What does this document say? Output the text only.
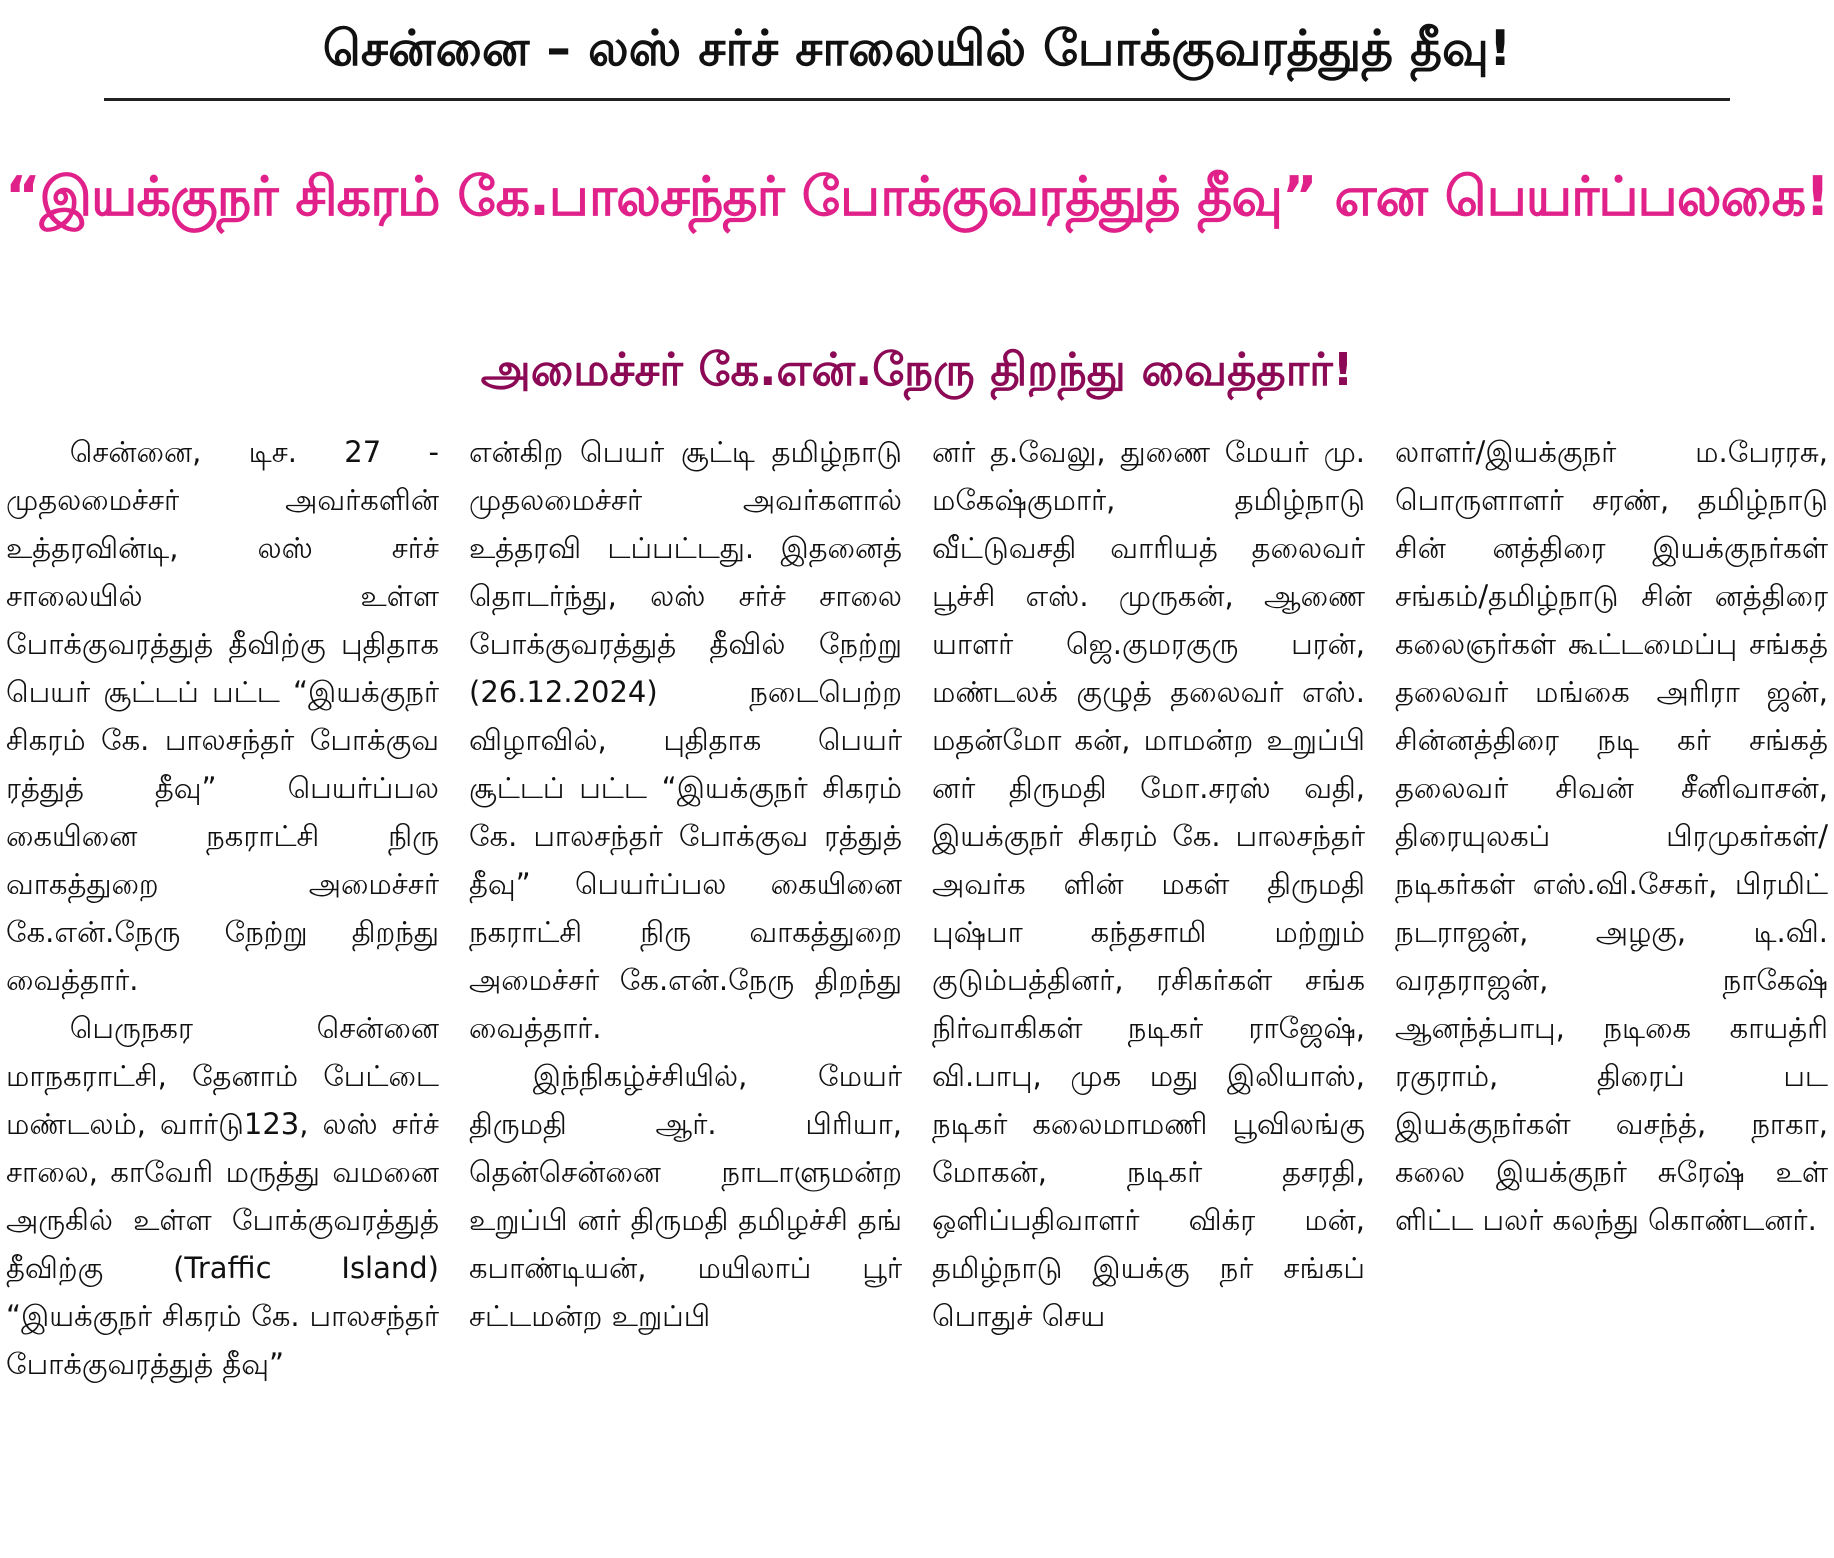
சென்னை – லஸ் சர்ச் சாலையில் போக்குவரத்துத் தீவு!
“இயக்குநர் சிகரம் கே.பாலசந்தர் போக்குவரத்துத் தீவு” என பெயர்ப்பலகை!
அமைச்சர் கே.என்.நேரு திறந்து வைத்தார்!

சென்னை, டிச. 27 - முதலமைச்சர் அவர்களின் உத்தரவின்டி, லஸ் சர்ச் சாலையில் உள்ள போக்குவரத்துத் தீவிற்கு புதிதாக பெயர் சூட்டப் பட்ட “இயக்குநர் சிகரம் கே. பாலசந்தர் போக்குவ ரத்துத் தீவு” பெயர்ப்பல கையினை நகராட்சி நிரு வாகத்துறை அமைச்சர் கே.என்.நேரு நேற்று திறந்து வைத்தார்.

பெருநகர சென்னை மாநகராட்சி, தேனாம் பேட்டை மண்டலம், வார்டு123, லஸ் சர்ச் சாலை, காவேரி மருத்து வமனை அருகில் உள்ள போக்குவரத்துத் தீவிற்கு (Traffic Island) “இயக்குநர் சிகரம் கே. பாலசந்தர் போக்குவரத்துத் தீவு”

என்கிற பெயர் சூட்டி தமிழ்நாடு முதலமைச்சர் அவர்களால் உத்தரவி டப்பட்டது. இதனைத் தொடர்ந்து, லஸ் சர்ச் சாலை போக்குவரத்துத் தீவில் நேற்று (26.12.2024) நடைபெற்ற விழாவில், புதிதாக பெயர் சூட்டப் பட்ட “இயக்குநர் சிகரம் கே. பாலசந்தர் போக்குவ ரத்துத் தீவு” பெயர்ப்பல கையினை நகராட்சி நிரு வாகத்துறை அமைச்சர் கே.என்.நேரு திறந்து வைத்தார்.

இந்நிகழ்ச்சியில், மேயர் திருமதி ஆர். பிரியா, தென்சென்னை நாடாளுமன்ற உறுப்பி னர் திருமதி தமிழச்சி தங் கபாண்டியன், மயிலாப் பூர் சட்டமன்ற உறுப்பி

னர் த.வேலு, துணை மேயர் மு. மகேஷ்குமார், தமிழ்நாடு வீட்டுவசதி வாரியத் தலைவர் பூச்சி எஸ். முருகன், ஆணை யாளர் ஜெ.குமரகுரு பரன், மண்டலக் குழுத் தலைவர் எஸ். மதன்மோ கன், மாமன்ற உறுப்பி னர் திருமதி மோ.சரஸ் வதி, இயக்குநர் சிகரம் கே. பாலசந்தர் அவர்க ளின் மகள் திருமதி புஷ்பா கந்தசாமி மற்றும் குடும்பத்தினர், ரசிகர்கள் சங்க நிர்வாகிகள் நடிகர் ராஜேஷ், வி.பாபு, முக மது இலியாஸ், நடிகர் கலைமாமணி பூவிலங்கு மோகன், நடிகர் தசரதி, ஒளிப்பதிவாளர் விக்ர மன், தமிழ்நாடு இயக்கு நர் சங்கப் பொதுச் செய

லாளர்/இயக்குநர் ம.பேரரசு, பொருளாளர் சரண், தமிழ்நாடு சின் னத்திரை இயக்குநர்கள் சங்கம்/தமிழ்நாடு சின் னத்திரை கலைஞர்கள் கூட்டமைப்பு சங்கத் தலைவர் மங்கை அரிரா ஜன், சின்னத்திரை நடி கர் சங்கத் தலைவர் சிவன் சீனிவாசன், திரையுலகப் பிரமுகர்கள்/நடிகர்கள் எஸ்.வி.சேகர், பிரமிட் நடராஜன், அழகு, டி.வி. வரதராஜன், நாகேஷ் ஆனந்த்பாபு, நடிகை காயத்ரி ரகுராம், திரைப் பட இயக்குநர்கள் வசந்த், நாகா, கலை இயக்குநர் சுரேஷ் உள் ளிட்ட பலர் கலந்து கொண்டனர்.
